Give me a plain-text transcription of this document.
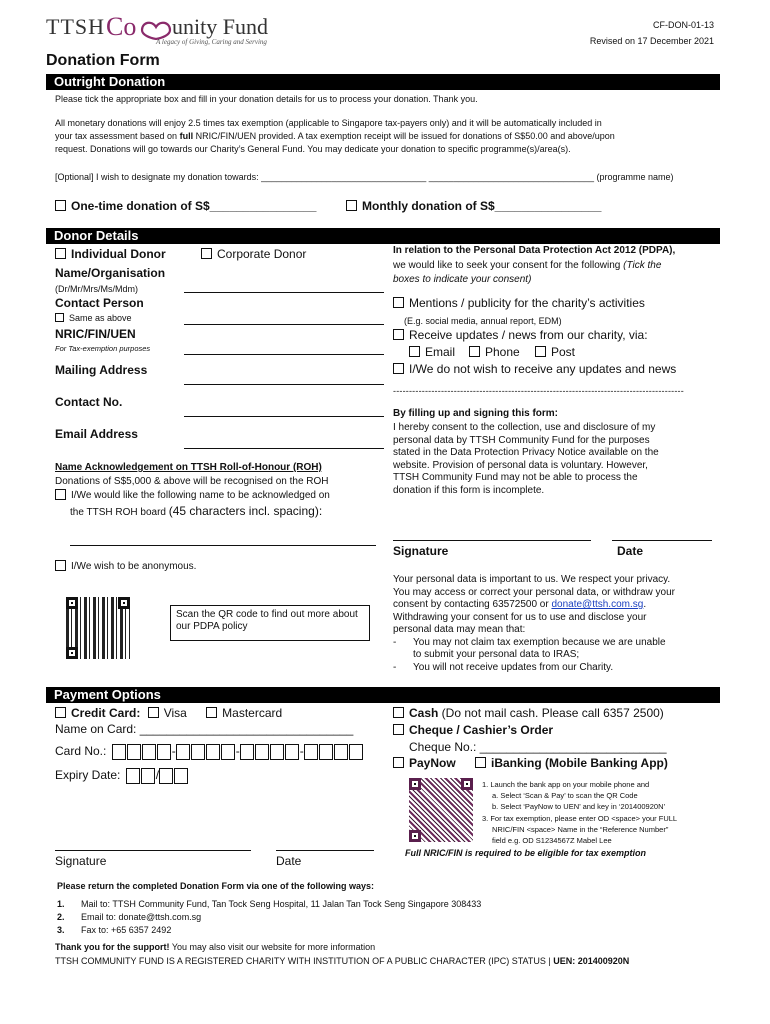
TTSH Co unity Fund
A legacy of Giving, Caring and Serving
CF-DON-01-13
Revised on 17 December 2021
Donation Form
Outright Donation
Please tick the appropriate box and fill in your donation details for us to process your donation. Thank you.
All monetary donations will enjoy 2.5 times tax exemption (applicable to Singapore tax-payers only) and it will be automatically included in
your tax assessment based on full NRIC/FIN/UEN provided. A tax exemption receipt will be issued for donations of S$50.00 and above/upon
request. Donations will go towards our Charity’s General Fund. You may dedicate your donation to specific programme(s)/area(s).
[Optional] I wish to designate my donation towards: _________________________________ _________________________________ (programme name)
One-time donation of S$________________	Monthly donation of S$________________
Donor Details
Individual Donor	Corporate Donor
Name/Organisation
(Dr/Mr/Mrs/Ms/Mdm)
Contact Person
Same as above
NRIC/FIN/UEN
For Tax-exemption purposes
Mailing Address
Contact No.
Email Address
Name Acknowledgement on TTSH Roll-of-Honour (ROH)
Donations of S$5,000 & above will be recognised on the ROH
I/We would like the following name to be acknowledged on
the TTSH ROH board (45 characters incl. spacing):
I/We wish to be anonymous.
Scan the QR code to find out more about our PDPA policy
In relation to the Personal Data Protection Act 2012 (PDPA),
we would like to seek your consent for the following (Tick the
boxes to indicate your consent)
Mentions / publicity for the charity’s activities
(E.g. social media, annual report, EDM)
Receive updates / news from our charity, via:
Email	Phone	Post
I/We do not wish to receive any updates and news
-------------------------------------------------------------------------------------------
By filling up and signing this form:
I hereby consent to the collection, use and disclosure of my
personal data by TTSH Community Fund for the purposes
stated in the Data Protection Privacy Notice available on the
website. Provision of personal data is voluntary. However,
TTSH Community Fund may not be able to process the
donation if this form is incomplete.
Signature	Date
Your personal data is important to us. We respect your privacy.
You may access or correct your personal data, or withdraw your
consent by contacting 63572500 or donate@ttsh.com.sg.
Withdrawing your consent for us to use and disclose your
personal data may mean that:
- You may not claim tax exemption because we are unable
to submit your personal data to IRAS;
- You will not receive updates from our Charity.
Payment Options
Credit Card: Visa	Mastercard
Name on Card: ________________________________
Card No.:	-	-	-
Expiry Date:	/
Signature	Date
Cash (Do not mail cash. Please call 6357 2500)
Cheque / Cashier’s Order
Cheque No.: ____________________________
PayNow	iBanking (Mobile Banking App)
1. Launch the bank app on your mobile phone and
a. Select ‘Scan & Pay’ to scan the QR Code
b. Select ‘PayNow to UEN’ and key in ‘201400920N’
3. For tax exemption, please enter OD <space> your FULL
NRIC/FIN <space> Name in the “Reference Number”
field e.g. OD S1234567Z Mabel Lee
Full NRIC/FIN is required to be eligible for tax exemption
Please return the completed Donation Form via one of the following ways:
1. Mail to: TTSH Community Fund, Tan Tock Seng Hospital, 11 Jalan Tan Tock Seng Singapore 308433
2. Email to: donate@ttsh.com.sg
3. Fax to: +65 6357 2492
Thank you for the support! You may also visit our website for more information
TTSH COMMUNITY FUND IS A REGISTERED CHARITY WITH INSTITUTION OF A PUBLIC CHARACTER (IPC) STATUS | UEN: 201400920N
